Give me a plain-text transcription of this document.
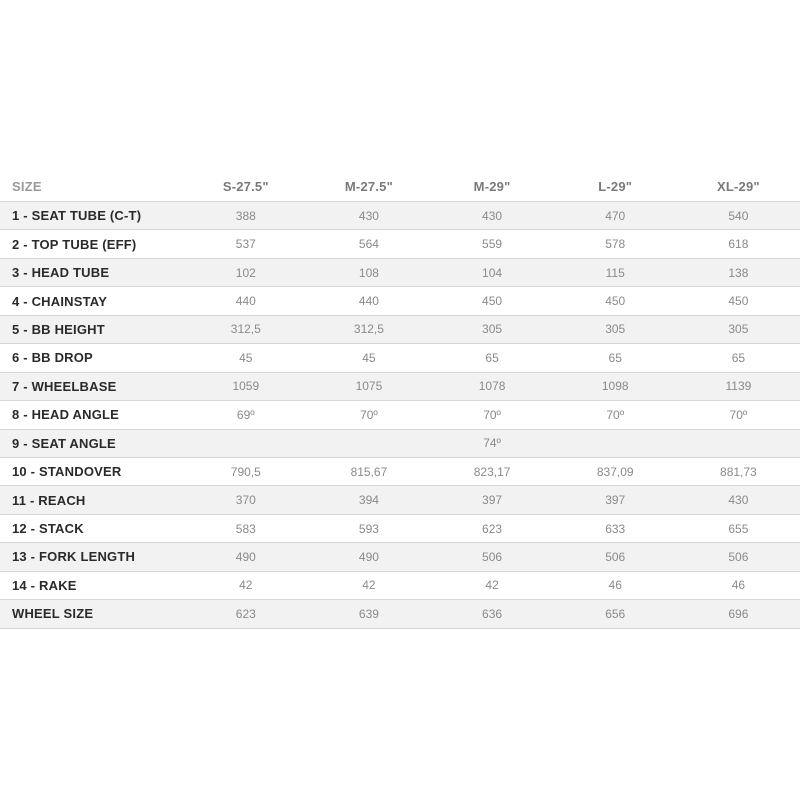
SIZE	S-27.5"	M-27.5"	M-29"	L-29"	XL-29"
1 - SEAT TUBE (C-T)	388	430	430	470	540
2 - TOP TUBE (EFF)	537	564	559	578	618
3 - HEAD TUBE	102	108	104	115	138
4 - CHAINSTAY	440	440	450	450	450
5 - BB HEIGHT	312,5	312,5	305	305	305
6 - BB DROP	45	45	65	65	65
7 - WHEELBASE	1059	1075	1078	1098	1139
8 - HEAD ANGLE	69º	70º	70º	70º	70º
9 - SEAT ANGLE			74º		
10 - STANDOVER	790,5	815,67	823,17	837,09	881,73
11 - REACH	370	394	397	397	430
12 - STACK	583	593	623	633	655
13 - FORK LENGTH	490	490	506	506	506
14 - RAKE	42	42	42	46	46
WHEEL SIZE	623	639	636	656	696
